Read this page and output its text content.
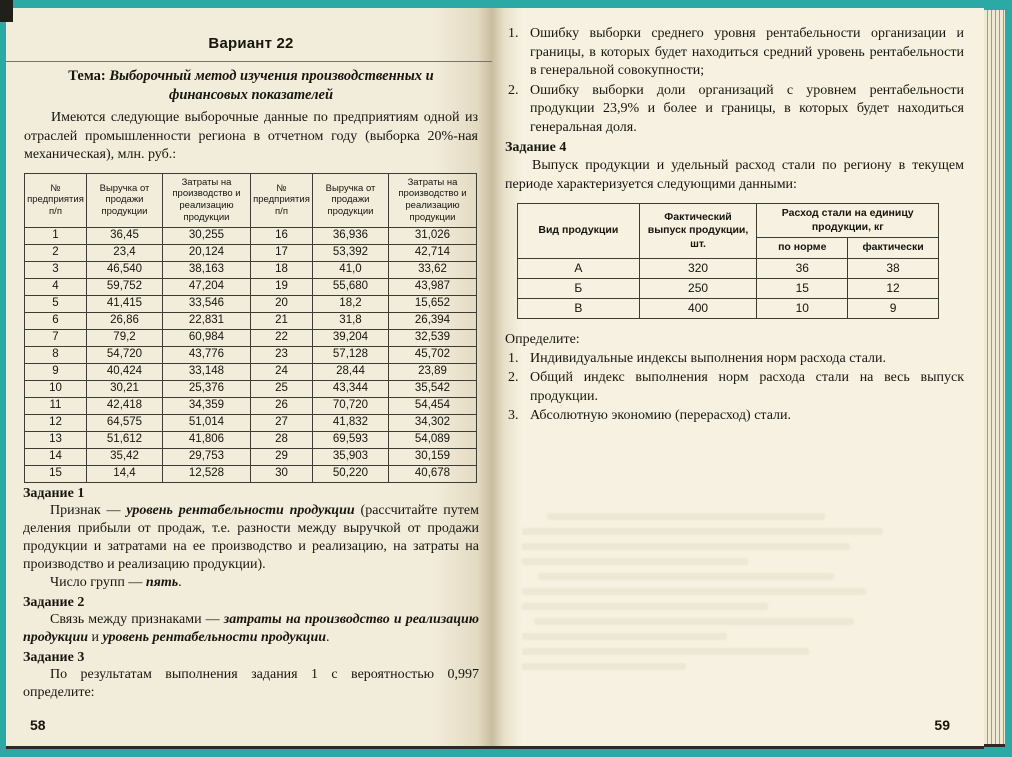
Вариант 22
Тема: Выборочный метод изучения производственных и финансовых показателей
Имеются следующие выборочные данные по предприятиям одной из отраслей промышленности региона в отчетном году (выборка 20%-ная механическая), млн. руб.:
№ предприятия п/п	Выручка от продажи продукции	Затраты на производство и реализацию продукции	№ предприятия п/п	Выручка от продажи продукции	Затраты на производство и реализацию продукции
1	36,45	30,255	16	36,936	31,026
2	23,4	20,124	17	53,392	42,714
3	46,540	38,163	18	41,0	33,62
4	59,752	47,204	19	55,680	43,987
5	41,415	33,546	20	18,2	15,652
6	26,86	22,831	21	31,8	26,394
7	79,2	60,984	22	39,204	32,539
8	54,720	43,776	23	57,128	45,702
9	40,424	33,148	24	28,44	23,89
10	30,21	25,376	25	43,344	35,542
11	42,418	34,359	26	70,720	54,454
12	64,575	51,014	27	41,832	34,302
13	51,612	41,806	28	69,593	54,089
14	35,42	29,753	29	35,903	30,159
15	14,4	12,528	30	50,220	40,678
Задание 1
Признак — уровень рентабельности продукции (рассчитайте путем деления прибыли от продаж, т.е. разности между выручкой от продажи продукции и затратами на ее производство и реализацию, на затраты на производство и реализацию продукции).
Число групп — пять.
Задание 2
Связь между признаками — затраты на производство и реализацию продукции и уровень рентабельности продукции.
Задание 3
По результатам выполнения задания 1 с вероятностью 0,997 определите:
58
1. Ошибку выборки среднего уровня рентабельности организации и границы, в которых будет находиться средний уровень рентабельности в генеральной совокупности;
2. Ошибку выборки доли организаций с уровнем рентабельности продукции 23,9% и более и границы, в которых будет находиться генеральная доля.
Задание 4
Выпуск продукции и удельный расход стали по региону в текущем периоде характеризуется следующими данными:
Вид продукции	Фактический выпуск продукции, шт.	Расход стали на единицу продукции, кг	
		по норме	фактически
А	320	36	38
Б	250	15	12
В	400	10	9
Определите:
1. Индивидуальные индексы выполнения норм расхода стали.
2. Общий индекс выполнения норм расхода стали на весь выпуск продукции.
3. Абсолютную экономию (перерасход) стали.
59
